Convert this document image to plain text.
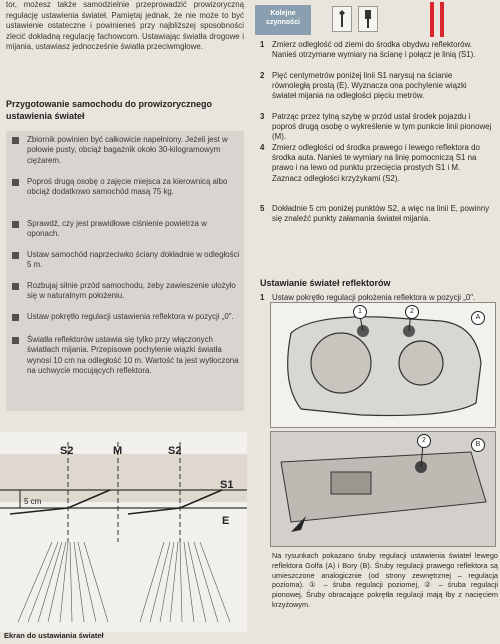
tor, możesz także samodzielnie przeprowadzić prowizoryczną regulację ustawienia świateł. Pamiętaj jednak, że nie może to być ustawienie ostateczne i powinieneś przy najbliższej sposobności zlecić dokładną regulację fachowcom. Ustawiając światła drogowe i mijania, ustawiasz jednocześnie światła przeciwmgłowe.

Przygotowanie samochodu do prowizorycznego ustawienia świateł
Zbiornik powinien być całkowicie napełniony. Jeżeli jest w połowie pusty, obciąż bagażnik około 30-kilogramowym ciężarem.
Poproś drugą osobę o zajęcie miejsca za kierownicą albo obciąż dodatkowo samochód masą 75 kg.
Sprawdź, czy jest prawidłowe ciśnienie powietrza w oponach.
Ustaw samochód naprzeciwko ściany dokładnie w odległości 5 m.
Rozbujaj silnie przód samochodu, żeby zawieszenie ułożyło się w naturalnym położeniu.
Ustaw pokrętło regulacji ustawienia reflektora w pozycji „0".
Światła reflektorów ustawia się tylko przy włączonych światłach mijania. Przepisowe pochylenie wiązki światła wynosi 10 cm na odległość 10 m. Wartość ta jest wytłoczona na uchwycie mocujących reflektora.
S2	M	S2
S1
E
5 cm
Ekran do ustawiania świateł
Kolejne
czynności
1 Zmierz odległość od ziemi do środka obydwu reflektorów. Nanieś otrzymane wymiary na ścianę i połącz je linią (S1).
2 Pięć centymetrów poniżej linii S1 narysuj na ścianie równoległą prostą (E). Wyznacza ona pochylenie wiązki świateł mijania na odległości pięciu metrów.
3 Patrząc przez tylną szybę w przód ustal środek pojazdu i poproś drugą osobę o wykreślenie w tym punkcie linii pionowej (M).
4 Zmierz odległości od środka prawego i lewego reflektora do środka auta. Nanieś te wymiary na linię pomocniczą S1 na prawo i na lewo od punktu przecięcia prostych S1 i M. Zaznacz odległości krzyżykami (S2).
5 Dokładnie 5 cm poniżej punktów S2, a więc na linii E, powinny się znaleźć punkty załamania świateł mijania.
Ustawianie świateł reflektorów
1 Ustaw pokrętło regulacji położenia reflektora w pozycji „0".
A
1	2
B
2
Na rysunkach pokazano śruby regulacji ustawienia świateł lewego reflektora Golfa (A) i Bory (B). Śruby regulacji prawego reflektora są umieszczone analogicznie (od strony zewnętrznej – regulacja pozioma). ① – śruba regulacji poziomej, ② – śruba regulacji pionowej. Śruby obracające pokrętła regulacji mają łby z nacięciem krzyżowym.
